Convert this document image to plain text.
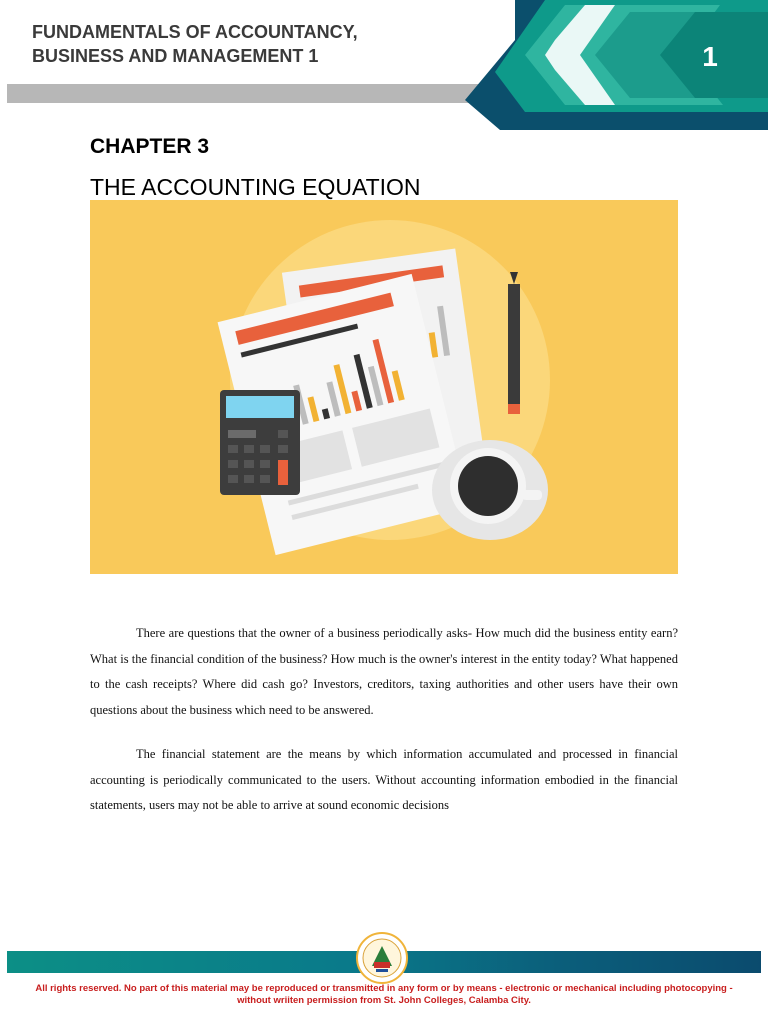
FUNDAMENTALS OF ACCOUNTANCY,
BUSINESS AND MANAGEMENT 1	1
CHAPTER 3
THE ACCOUNTING EQUATION

There are questions that the owner of a business periodically asks- How much did the business entity earn? What is the financial condition of the business? How much is the owner's interest in the entity today? What happened to the cash receipts? Where did cash go? Investors, creditors, taxing authorities and other users have their own questions about the business which need to be answered.

The financial statement are the means by which information accumulated and processed in financial accounting is periodically communicated to the users. Without accounting information embodied in the financial statements, users may not be able to arrive at sound economic decisions

All rights reserved. No part of this material may be reproduced or transmitted in any form or by means - electronic or mechanical including photocopying -
without wriiten permission from St. John Colleges, Calamba City.
